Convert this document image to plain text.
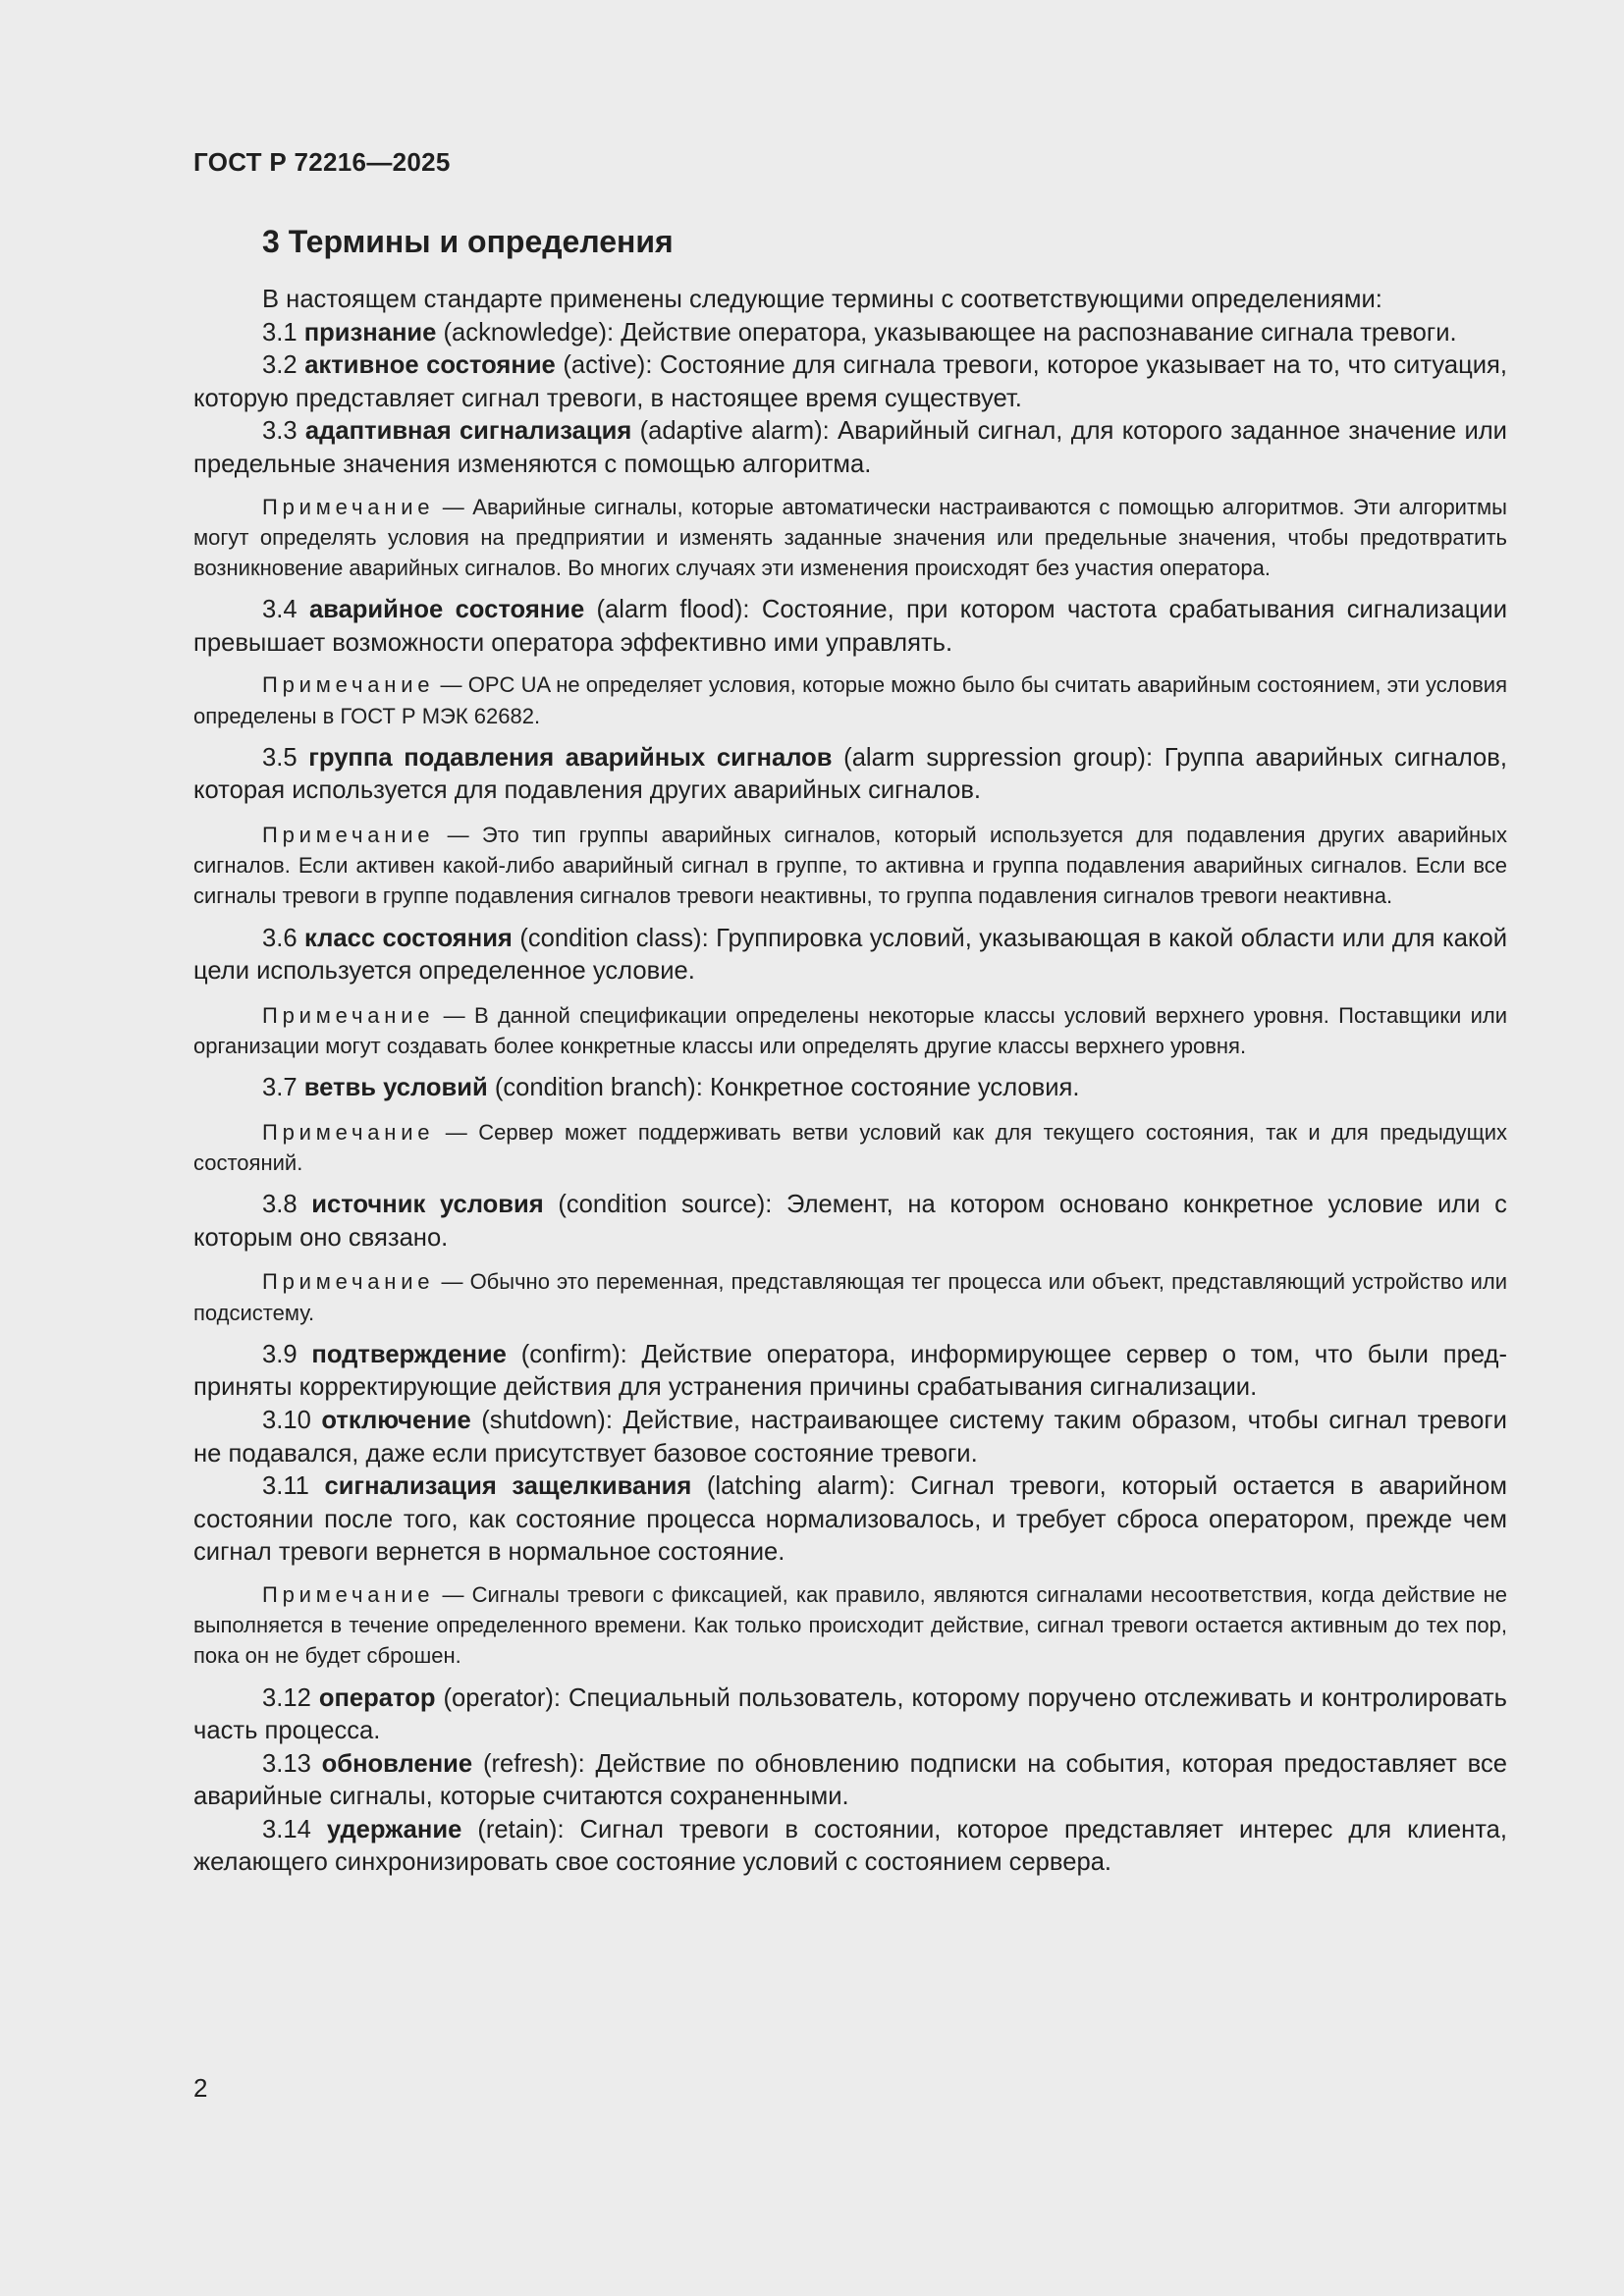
ГОСТ Р 72216—2025

3 Термины и определения

В настоящем стандарте применены следующие термины с соответствующими определениями:

3.1 признание (acknowledge): Действие оператора, указывающее на распознавание сигнала тревоги.

3.2 активное состояние (active): Состояние для сигнала тревоги, которое указывает на то, что ситуация, которую представляет сигнал тревоги, в настоящее время существует.

3.3 адаптивная сигнализация (adaptive alarm): Аварийный сигнал, для которого заданное значение или предельные значения изменяются с помощью алгоритма.

Примечание — Аварийные сигналы, которые автоматически настраиваются с помощью алгоритмов. Эти алгоритмы могут определять условия на предприятии и изменять заданные значения или предельные значения, чтобы предотвратить возникновение аварийных сигналов. Во многих случаях эти изменения происходят без участия оператора.

3.4 аварийное состояние (alarm flood): Состояние, при котором частота срабатывания сигнализации превышает возможности оператора эффективно ими управлять.

Примечание — OPC UA не определяет условия, которые можно было бы считать аварийным состоянием, эти условия определены в ГОСТ Р МЭК 62682.

3.5 группа подавления аварийных сигналов (alarm suppression group): Группа аварийных сигналов, которая используется для подавления других аварийных сигналов.

Примечание — Это тип группы аварийных сигналов, который используется для подавления других аварийных сигналов. Если активен какой-либо аварийный сигнал в группе, то активна и группа подавления аварийных сигналов. Если все сигналы тревоги в группе подавления сигналов тревоги неактивны, то группа подавления сигналов тревоги неактивна.

3.6 класс состояния (condition class): Группировка условий, указывающая в какой области или для какой цели используется определенное условие.

Примечание — В данной спецификации определены некоторые классы условий верхнего уровня. Поставщики или организации могут создавать более конкретные классы или определять другие классы верхнего уровня.

3.7 ветвь условий (condition branch): Конкретное состояние условия.

Примечание — Сервер может поддерживать ветви условий как для текущего состояния, так и для предыдущих состояний.

3.8 источник условия (condition source): Элемент, на котором основано конкретное условие или с которым оно связано.

Примечание — Обычно это переменная, представляющая тег процесса или объект, представляющий устройство или подсистему.

3.9 подтверждение (confirm): Действие оператора, информирующее сервер о том, что были предприняты корректирующие действия для устранения причины срабатывания сигнализации.

3.10 отключение (shutdown): Действие, настраивающее систему таким образом, чтобы сигнал тревоги не подавался, даже если присутствует базовое состояние тревоги.

3.11 сигнализация защелкивания (latching alarm): Сигнал тревоги, который остается в аварийном состоянии после того, как состояние процесса нормализовалось, и требует сброса оператором, прежде чем сигнал тревоги вернется в нормальное состояние.

Примечание — Сигналы тревоги с фиксацией, как правило, являются сигналами несоответствия, когда действие не выполняется в течение определенного времени. Как только происходит действие, сигнал тревоги остается активным до тех пор, пока он не будет сброшен.

3.12 оператор (operator): Специальный пользователь, которому поручено отслеживать и контролировать часть процесса.

3.13 обновление (refresh): Действие по обновлению подписки на события, которая предоставляет все аварийные сигналы, которые считаются сохраненными.

3.14 удержание (retain): Сигнал тревоги в состоянии, которое представляет интерес для клиента, желающего синхронизировать свое состояние условий с состоянием сервера.

2
